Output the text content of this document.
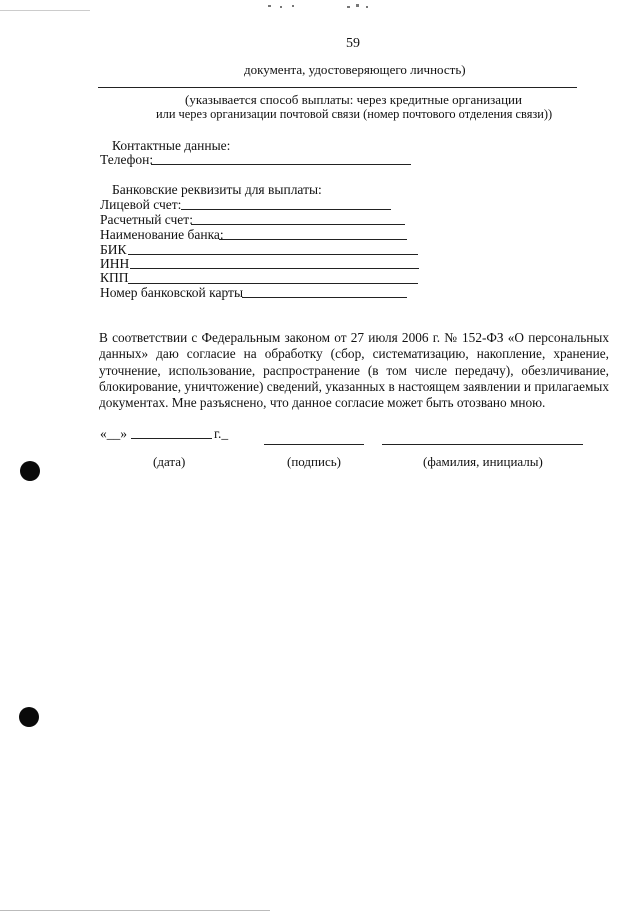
59
документа, удостоверяющего личность)
(указывается способ выплаты: через кредитные организации
или через организации почтовой связи (номер почтового отделения связи))
Контактные данные:
Телефон:
Банковские реквизиты для выплаты:
Лицевой счет:
Расчетный счет:
Наименование банка:
БИК
ИНН
КПП
Номер банковской карты
В соответствии с Федеральным законом от 27 июля 2006 г. № 152-ФЗ «О персональных данных» даю согласие на обработку (сбор, систематизацию, накопление, хранение, уточнение, использование, распространение (в том числе передачу), обезличивание, блокирование, уничтожение) сведений, указанных в настоящем заявлении и прилагаемых документах. Мне разъяснено, что данное согласие может быть отозвано мною.
«__»	г._
(дата)	(подпись)	(фамилия, инициалы)
